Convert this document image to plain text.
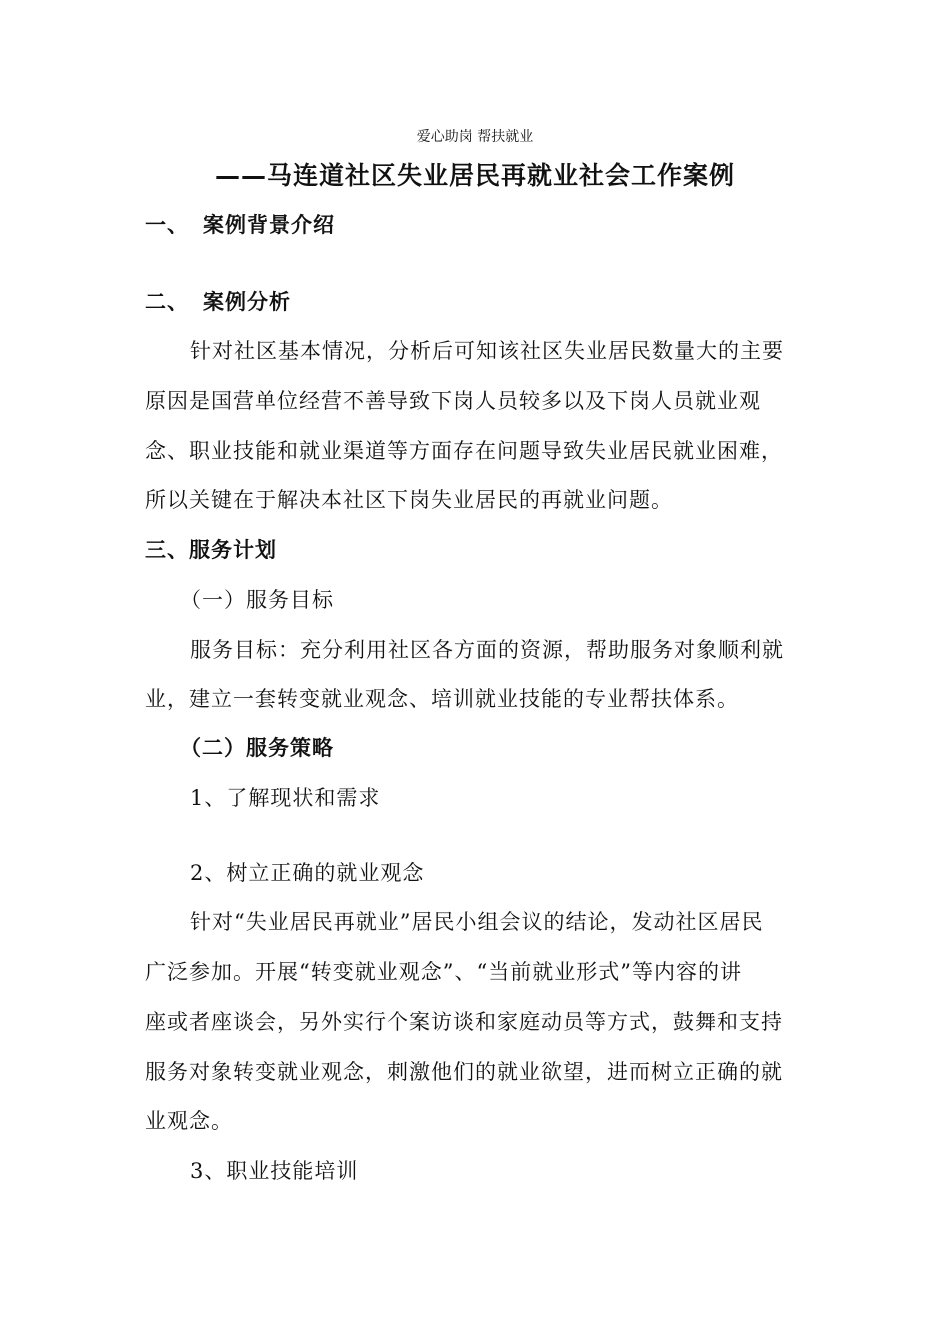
爱心助岗 帮扶就业
——马连道社区失业居民再就业社会工作案例
一、 案例背景介绍
二、 案例分析
针对社区基本情况，分析后可知该社区失业居民数量大的主要
原因是国营单位经营不善导致下岗人员较多以及下岗人员就业观
念、职业技能和就业渠道等方面存在问题导致失业居民就业困难，
所以关键在于解决本社区下岗失业居民的再就业问题。
三、服务计划
（一）服务目标
服务目标：充分利用社区各方面的资源，帮助服务对象顺利就
业，建立一套转变就业观念、培训就业技能的专业帮扶体系。
（二）服务策略
1、了解现状和需求
2、树立正确的就业观念
针对“失业居民再就业”居民小组会议的结论，发动社区居民
广泛参加。开展“转变就业观念”、“当前就业形式”等内容的讲
座或者座谈会，另外实行个案访谈和家庭动员等方式，鼓舞和支持
服务对象转变就业观念，刺激他们的就业欲望，进而树立正确的就
业观念。
3、职业技能培训
